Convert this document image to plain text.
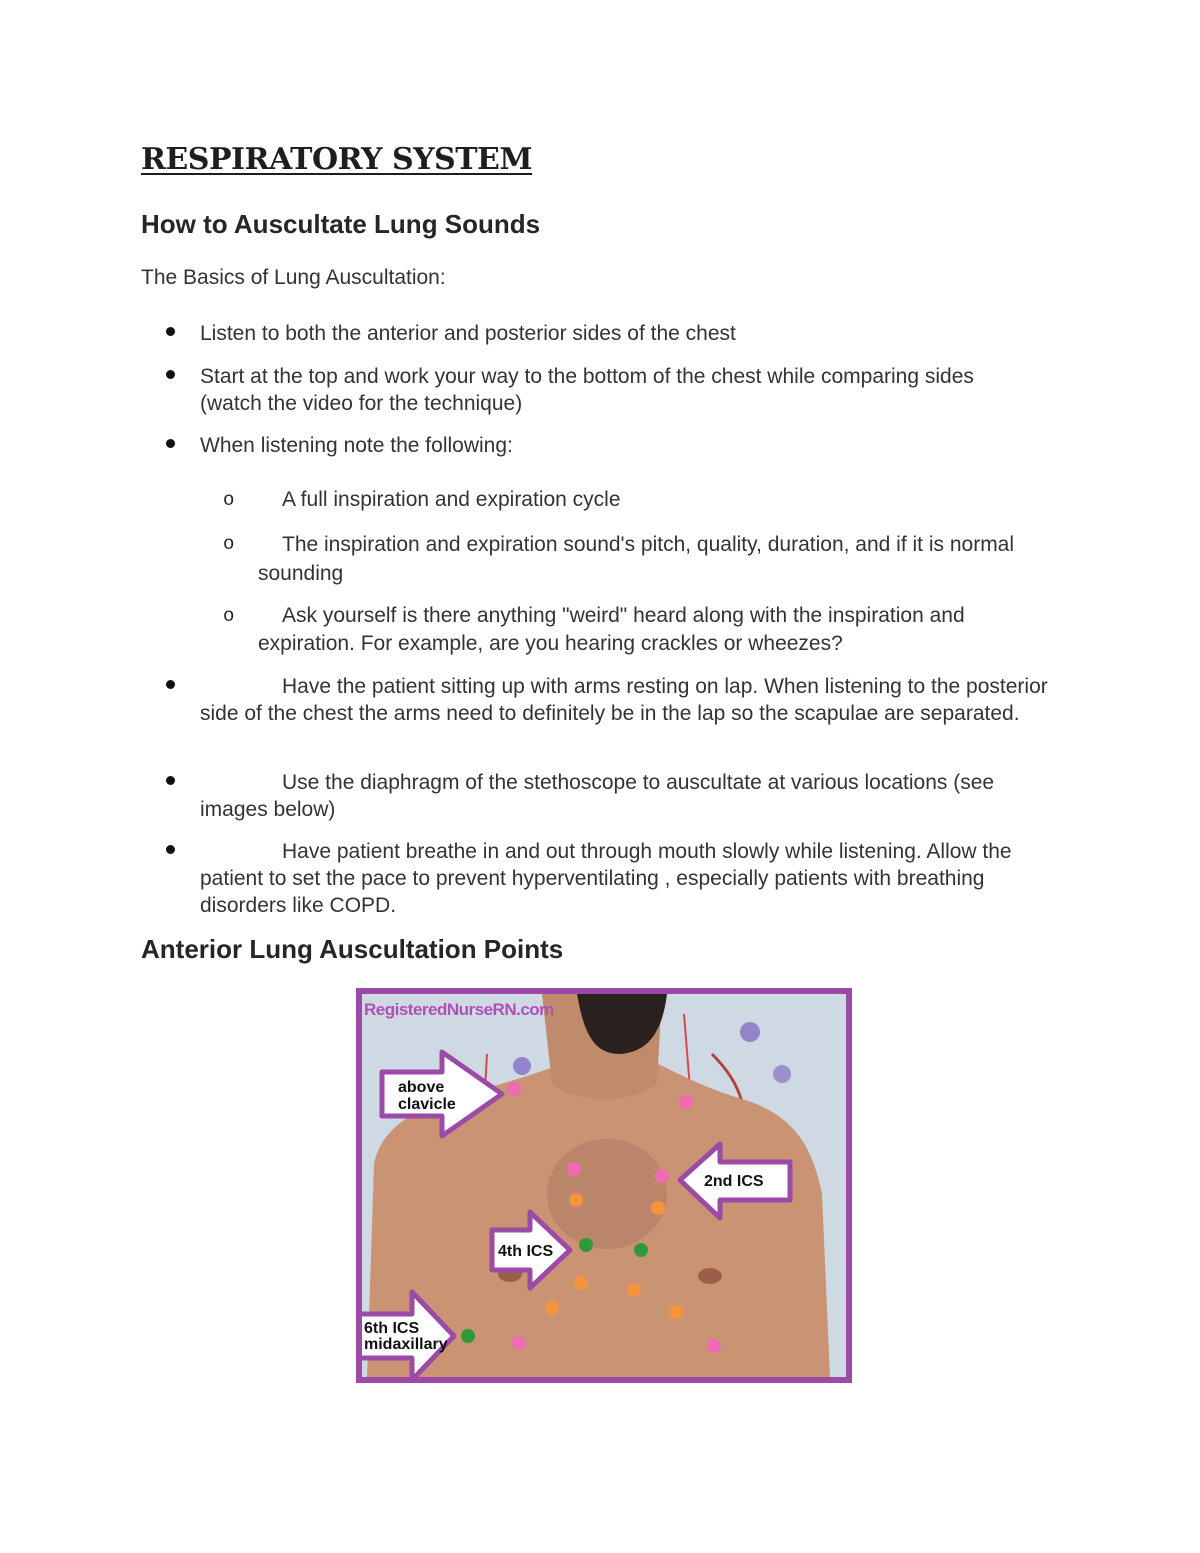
RESPIRATORY SYSTEM
How to Auscultate Lung Sounds

The Basics of Lung Auscultation:

Listen to both the anterior and posterior sides of the chest
Start at the top and work your way to the bottom of the chest while comparing sides (watch the video for the technique)
When listening note the following:
o	A full inspiration and expiration cycle
o	The inspiration and expiration sound's pitch, quality, duration, and if it is normal sounding
o	Ask yourself is there anything "weird" heard along with the inspiration and expiration. For example, are you hearing crackles or wheezes?
Have the patient sitting up with arms resting on lap. When listening to the posterior side of the chest the arms need to definitely be in the lap so the scapulae are separated.
Use the diaphragm of the stethoscope to auscultate at various locations (see images below)
Have patient breathe in and out through mouth slowly while listening. Allow the patient to set the pace to prevent hyperventilating , especially patients with breathing disorders like COPD.
Anterior Lung Auscultation Points
above
clavicle
2nd ICS
4th ICS
6th ICS
midaxillary
RegisteredNurseRN.com
